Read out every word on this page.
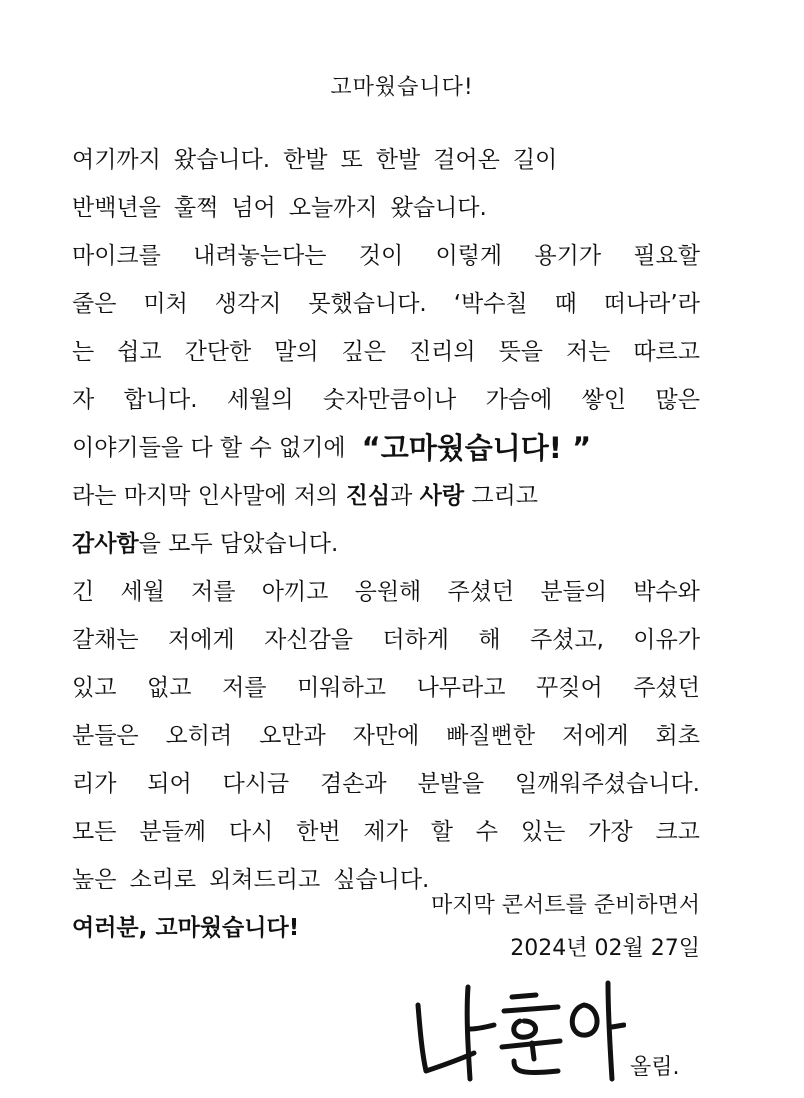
고마웠습니다!
여기까지 왔습니다. 한발 또 한발 걸어온 길이
반백년을 훌쩍 넘어 오늘까지 왔습니다.
마이크를 내려놓는다는 것이 이렇게 용기가 필요할
줄은 미처 생각지 못했습니다. ‘박수칠 때 떠나라’라
는 쉽고 간단한 말의 깊은 진리의 뜻을 저는 따르고
자 합니다. 세월의 숫자만큼이나 가슴에 쌓인 많은
이야기들을 다 할 수 없기에 “고마웠습니다! ”
라는 마지막 인사말에 저의 진심 과 사랑 그리고
감사함 을 모두 담았습니다.
긴 세월 저를 아끼고 응원해 주셨던 분들의 박수와
갈채는 저에게 자신감을 더하게 해 주셨고, 이유가
있고 없고 저를 미워하고 나무라고 꾸짖어 주셨던
분들은 오히려 오만과 자만에 빠질뻔한 저에게 회초
리가 되어 다시금 겸손과 분발을 일깨워주셨습니다.
모든 분들께 다시 한번 제가 할 수 있는 가장 크고
높은 소리로 외쳐드리고 싶습니다.
여러분, 고마웠습니다!
마지막 콘서트를 준비하면서
2024년 02월 27일
올림.
